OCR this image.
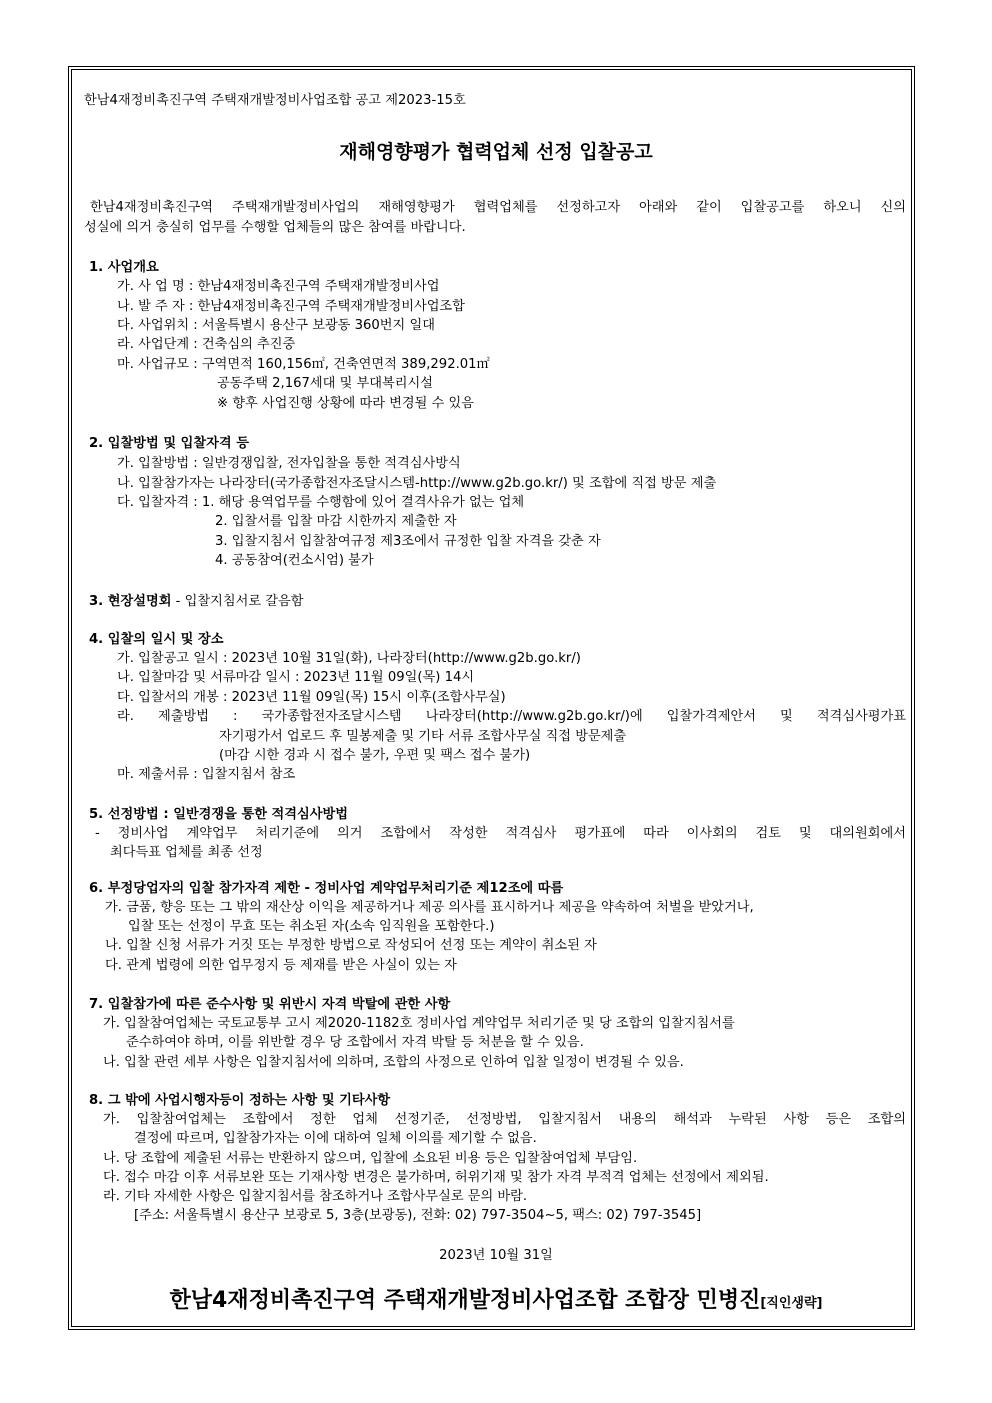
한남4재정비촉진구역 주택재개발정비사업조합 공고 제2023-15호
재해영향평가 협력업체 선정 입찰공고
한남4재정비촉진구역 주택재개발정비사업의 재해영향평가 협력업체를 선정하고자 아래와 같이 입찰공고를 하오니 신의
성실에 의거 충실히 업무를 수행할 업체들의 많은 참여를 바랍니다.
1. 사업개요
가. 사 업 명 : 한남4재정비촉진구역 주택재개발정비사업
나. 발 주 자 : 한남4재정비촉진구역 주택재개발정비사업조합
다. 사업위치 : 서울특별시 용산구 보광동 360번지 일대
라. 사업단계 : 건축심의 추진중
마. 사업규모 : 구역면적 160,156㎡, 건축연면적 389,292.01㎡
공동주택 2,167세대 및 부대복리시설
※ 향후 사업진행 상황에 따라 변경될 수 있음
2. 입찰방법 및 입찰자격 등
가. 입찰방법 : 일반경쟁입찰, 전자입찰을 통한 적격심사방식
나. 입찰참가자는 나라장터(국가종합전자조달시스템-http://www.g2b.go.kr/) 및 조합에 직접 방문 제출
다. 입찰자격 : 1. 해당 용역업무를 수행함에 있어 결격사유가 없는 업체
2. 입찰서를 입찰 마감 시한까지 제출한 자
3. 입찰지침서 입찰참여규정 제3조에서 규정한 입찰 자격을 갖춘 자
4. 공동참여(컨소시엄) 불가
3. 현장설명회 - 입찰지침서로 갈음함
4. 입찰의 일시 및 장소
가. 입찰공고 일시 : 2023년 10월 31일(화), 나라장터(http://www.g2b.go.kr/)
나. 입찰마감 및 서류마감 일시 : 2023년 11월 09일(목) 14시
다. 입찰서의 개봉 : 2023년 11월 09일(목) 15시 이후(조합사무실)
라. 제출방법 : 국가종합전자조달시스템 나라장터(http://www.g2b.go.kr/)에 입찰가격제안서 및 적격심사평가표
자기평가서 업로드 후 밀봉제출 및 기타 서류 조합사무실 직접 방문제출
(마감 시한 경과 시 접수 불가, 우편 및 팩스 접수 불가)
마. 제출서류 : 입찰지침서 참조
5. 선정방법 : 일반경쟁을 통한 적격심사방법
- 정비사업 계약업무 처리기준에 의거 조합에서 작성한 적격심사 평가표에 따라 이사회의 검토 및 대의원회에서
최다득표 업체를 최종 선정
6. 부정당업자의 입찰 참가자격 제한 - 정비사업 계약업무처리기준 제12조에 따름
가. 금품, 향응 또는 그 밖의 재산상 이익을 제공하거나 제공 의사를 표시하거나 제공을 약속하여 처벌을 받았거나,
입찰 또는 선정이 무효 또는 취소된 자(소속 임직원을 포함한다.)
나. 입찰 신청 서류가 거짓 또는 부정한 방법으로 작성되어 선정 또는 계약이 취소된 자
다. 관계 법령에 의한 업무정지 등 제재를 받은 사실이 있는 자
7. 입찰참가에 따른 준수사항 및 위반시 자격 박탈에 관한 사항
가. 입찰참여업체는 국토교통부 고시 제2020-1182호 정비사업 계약업무 처리기준 및 당 조합의 입찰지침서를
준수하여야 하며, 이를 위반할 경우 당 조합에서 자격 박탈 등 처분을 할 수 있음.
나. 입찰 관련 세부 사항은 입찰지침서에 의하며, 조합의 사정으로 인하여 입찰 일정이 변경될 수 있음.
8. 그 밖에 사업시행자등이 정하는 사항 및 기타사항
가. 입찰참여업체는 조합에서 정한 업체 선정기준, 선정방법, 입찰지침서 내용의 해석과 누락된 사항 등은 조합의
결정에 따르며, 입찰참가자는 이에 대하여 일체 이의를 제기할 수 없음.
나. 당 조합에 제출된 서류는 반환하지 않으며, 입찰에 소요된 비용 등은 입찰참여업체 부담임.
다. 접수 마감 이후 서류보완 또는 기재사항 변경은 불가하며, 허위기재 및 참가 자격 부적격 업체는 선정에서 제외됨.
라. 기타 자세한 사항은 입찰지침서를 참조하거나 조합사무실로 문의 바람.
[주소: 서울특별시 용산구 보광로 5, 3층(보광동), 전화: 02) 797-3504~5, 팩스: 02) 797-3545]
2023년 10월 31일
한남4재정비촉진구역 주택재개발정비사업조합 조합장 민병진[직인생략]
